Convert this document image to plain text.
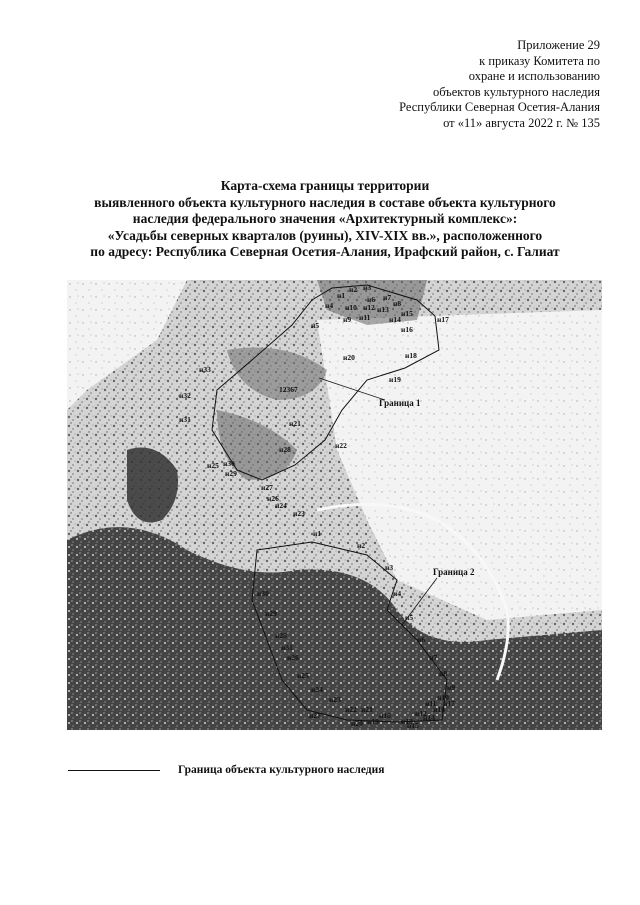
Приложение 29
к приказу Комитета по
охране и использованию
объектов культурного наследия
Республики Северная Осетия-Алания
от «11» августа 2022 г. № 135
Карта-схема границы территории
выявленного объекта культурного наследия в составе объекта культурного
наследия федерального значения «Архитектурный комплекс»:
«Усадьбы северных кварталов (руины), XIV-XIX вв.», расположенного
по адресу: Республика Северная Осетия-Алания, Ирафский район, с. Галиат
Граница 1
Граница 2
н1
н2 н3
н4
н5
н6 н7
н8
н9
н10
н11
н12 н13
н14
н15
н16
н17
н18
н19
н20
н21
н22
н23
н24
н25
н26
н27
н28
н29
н30
н31
н32
н33
12367
н1
н2
н3
н4
н5
н6
н7
н8
н9
н10
н11
н12
н13 н14
н15
н16
н17
н18
н19
н20
н21
н22
н23
н24
н25
н26
н27
н28
н29
н30
н31
Граница объекта культурного наследия
